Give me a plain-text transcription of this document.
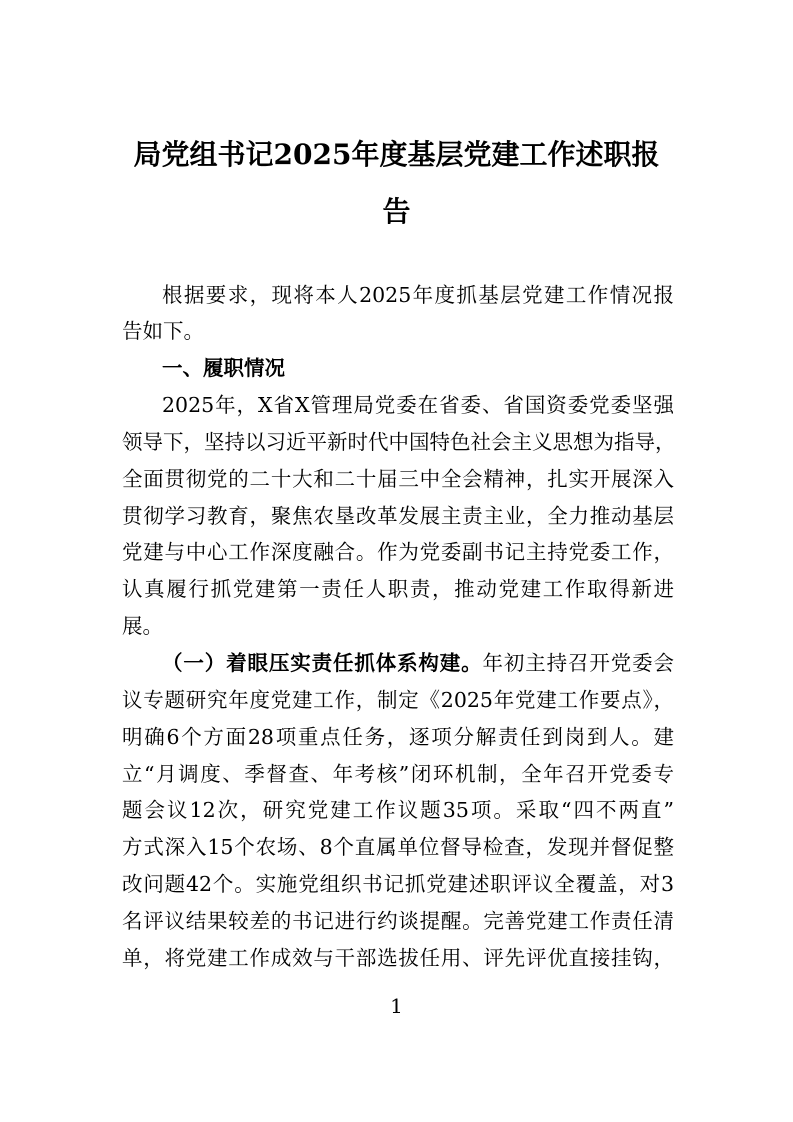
局党组书记2025年度基层党建工作述职报
告
根据要求，现将本人2025年度抓基层党建工作情况报
告如下。
一、履职情况
2025年，X省X管理局党委在省委、省国资委党委坚强
领导下，坚持以习近平新时代中国特色社会主义思想为指导，
全面贯彻党的二十大和二十届三中全会精神，扎实开展深入
贯彻学习教育，聚焦农垦改革发展主责主业，全力推动基层
党建与中心工作深度融合。作为党委副书记主持党委工作，
认真履行抓党建第一责任人职责，推动党建工作取得新进
展。
（一）着眼压实责任抓体系构建。年初主持召开党委会
议专题研究年度党建工作，制定《2025年党建工作要点》，
明确6个方面28项重点任务，逐项分解责任到岗到人。建
立“月调度、季督查、年考核”闭环机制，全年召开党委专
题会议12次，研究党建工作议题35项。采取“四不两直”
方式深入15个农场、8个直属单位督导检查，发现并督促整
改问题42个。实施党组织书记抓党建述职评议全覆盖，对3
名评议结果较差的书记进行约谈提醒。完善党建工作责任清
单，将党建工作成效与干部选拔任用、评先评优直接挂钩，
1
